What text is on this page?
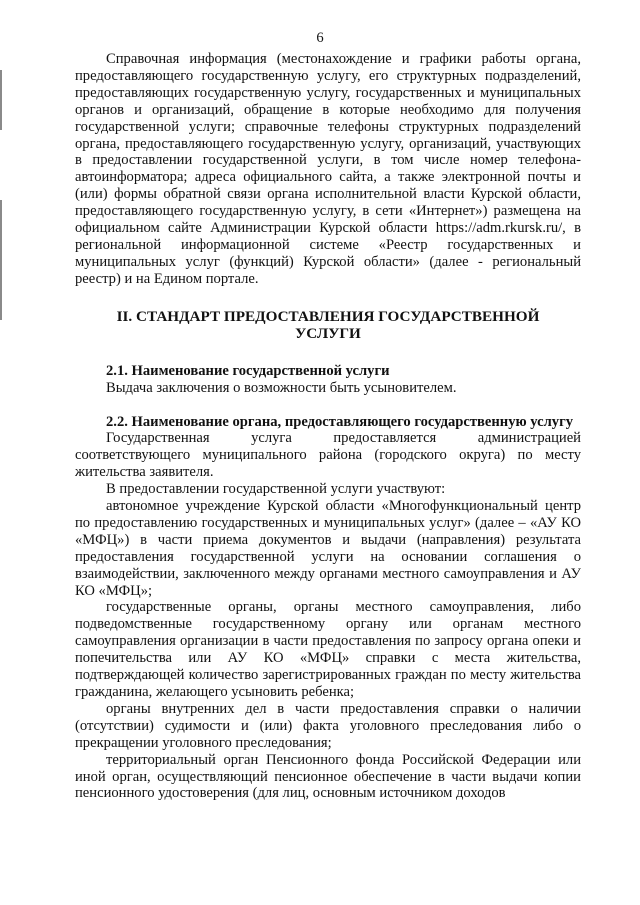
6

Справочная информация (местонахождение и графики работы органа, предоставляющего государственную услугу, его структурных подразделений, предоставляющих государственную услугу, государственных и муниципальных органов и организаций, обращение в которые необходимо для получения государственной услуги; справочные телефоны структурных подразделений органа, предоставляющего государственную услугу, организаций, участвующих в предоставлении государственной услуги, в том числе номер телефона-автоинформатора; адреса официального сайта, а также электронной почты и (или) формы обратной связи органа исполнительной власти Курской области, предоставляющего государственную услугу, в сети «Интернет») размещена на официальном сайте Администрации Курской области https://adm.rkursk.ru/, в региональной информационной системе «Реестр государственных и муниципальных услуг (функций) Курской области» (далее - региональный реестр) и на Едином портале.

II. СТАНДАРТ ПРЕДОСТАВЛЕНИЯ ГОСУДАРСТВЕННОЙ УСЛУГИ

2.1. Наименование государственной услуги

Выдача заключения о возможности быть усыновителем.

2.2. Наименование органа, предоставляющего государственную услугу

Государственная услуга предоставляется администрацией соответствующего муниципального района (городского округа) по месту жительства заявителя.

В предоставлении государственной услуги участвуют:

автономное учреждение Курской области «Многофункциональный центр по предоставлению государственных и муниципальных услуг» (далее – «АУ КО «МФЦ») в части приема документов и выдачи (направления) результата предоставления государственной услуги на основании соглашения о взаимодействии, заключенного между органами местного самоуправления и АУ КО «МФЦ»;

государственные органы, органы местного самоуправления, либо подведомственные государственному органу или органам местного самоуправления организации в части предоставления по запросу органа опеки и попечительства или АУ КО «МФЦ» справки с места жительства, подтверждающей количество зарегистрированных граждан по месту жительства гражданина, желающего усыновить ребенка;

органы внутренних дел в части предоставления справки о наличии (отсутствии) судимости и (или) факта уголовного преследования либо о прекращении уголовного преследования;

территориальный орган Пенсионного фонда Российской Федерации или иной орган, осуществляющий пенсионное обеспечение в части выдачи копии пенсионного удостоверения (для лиц, основным источником доходов
